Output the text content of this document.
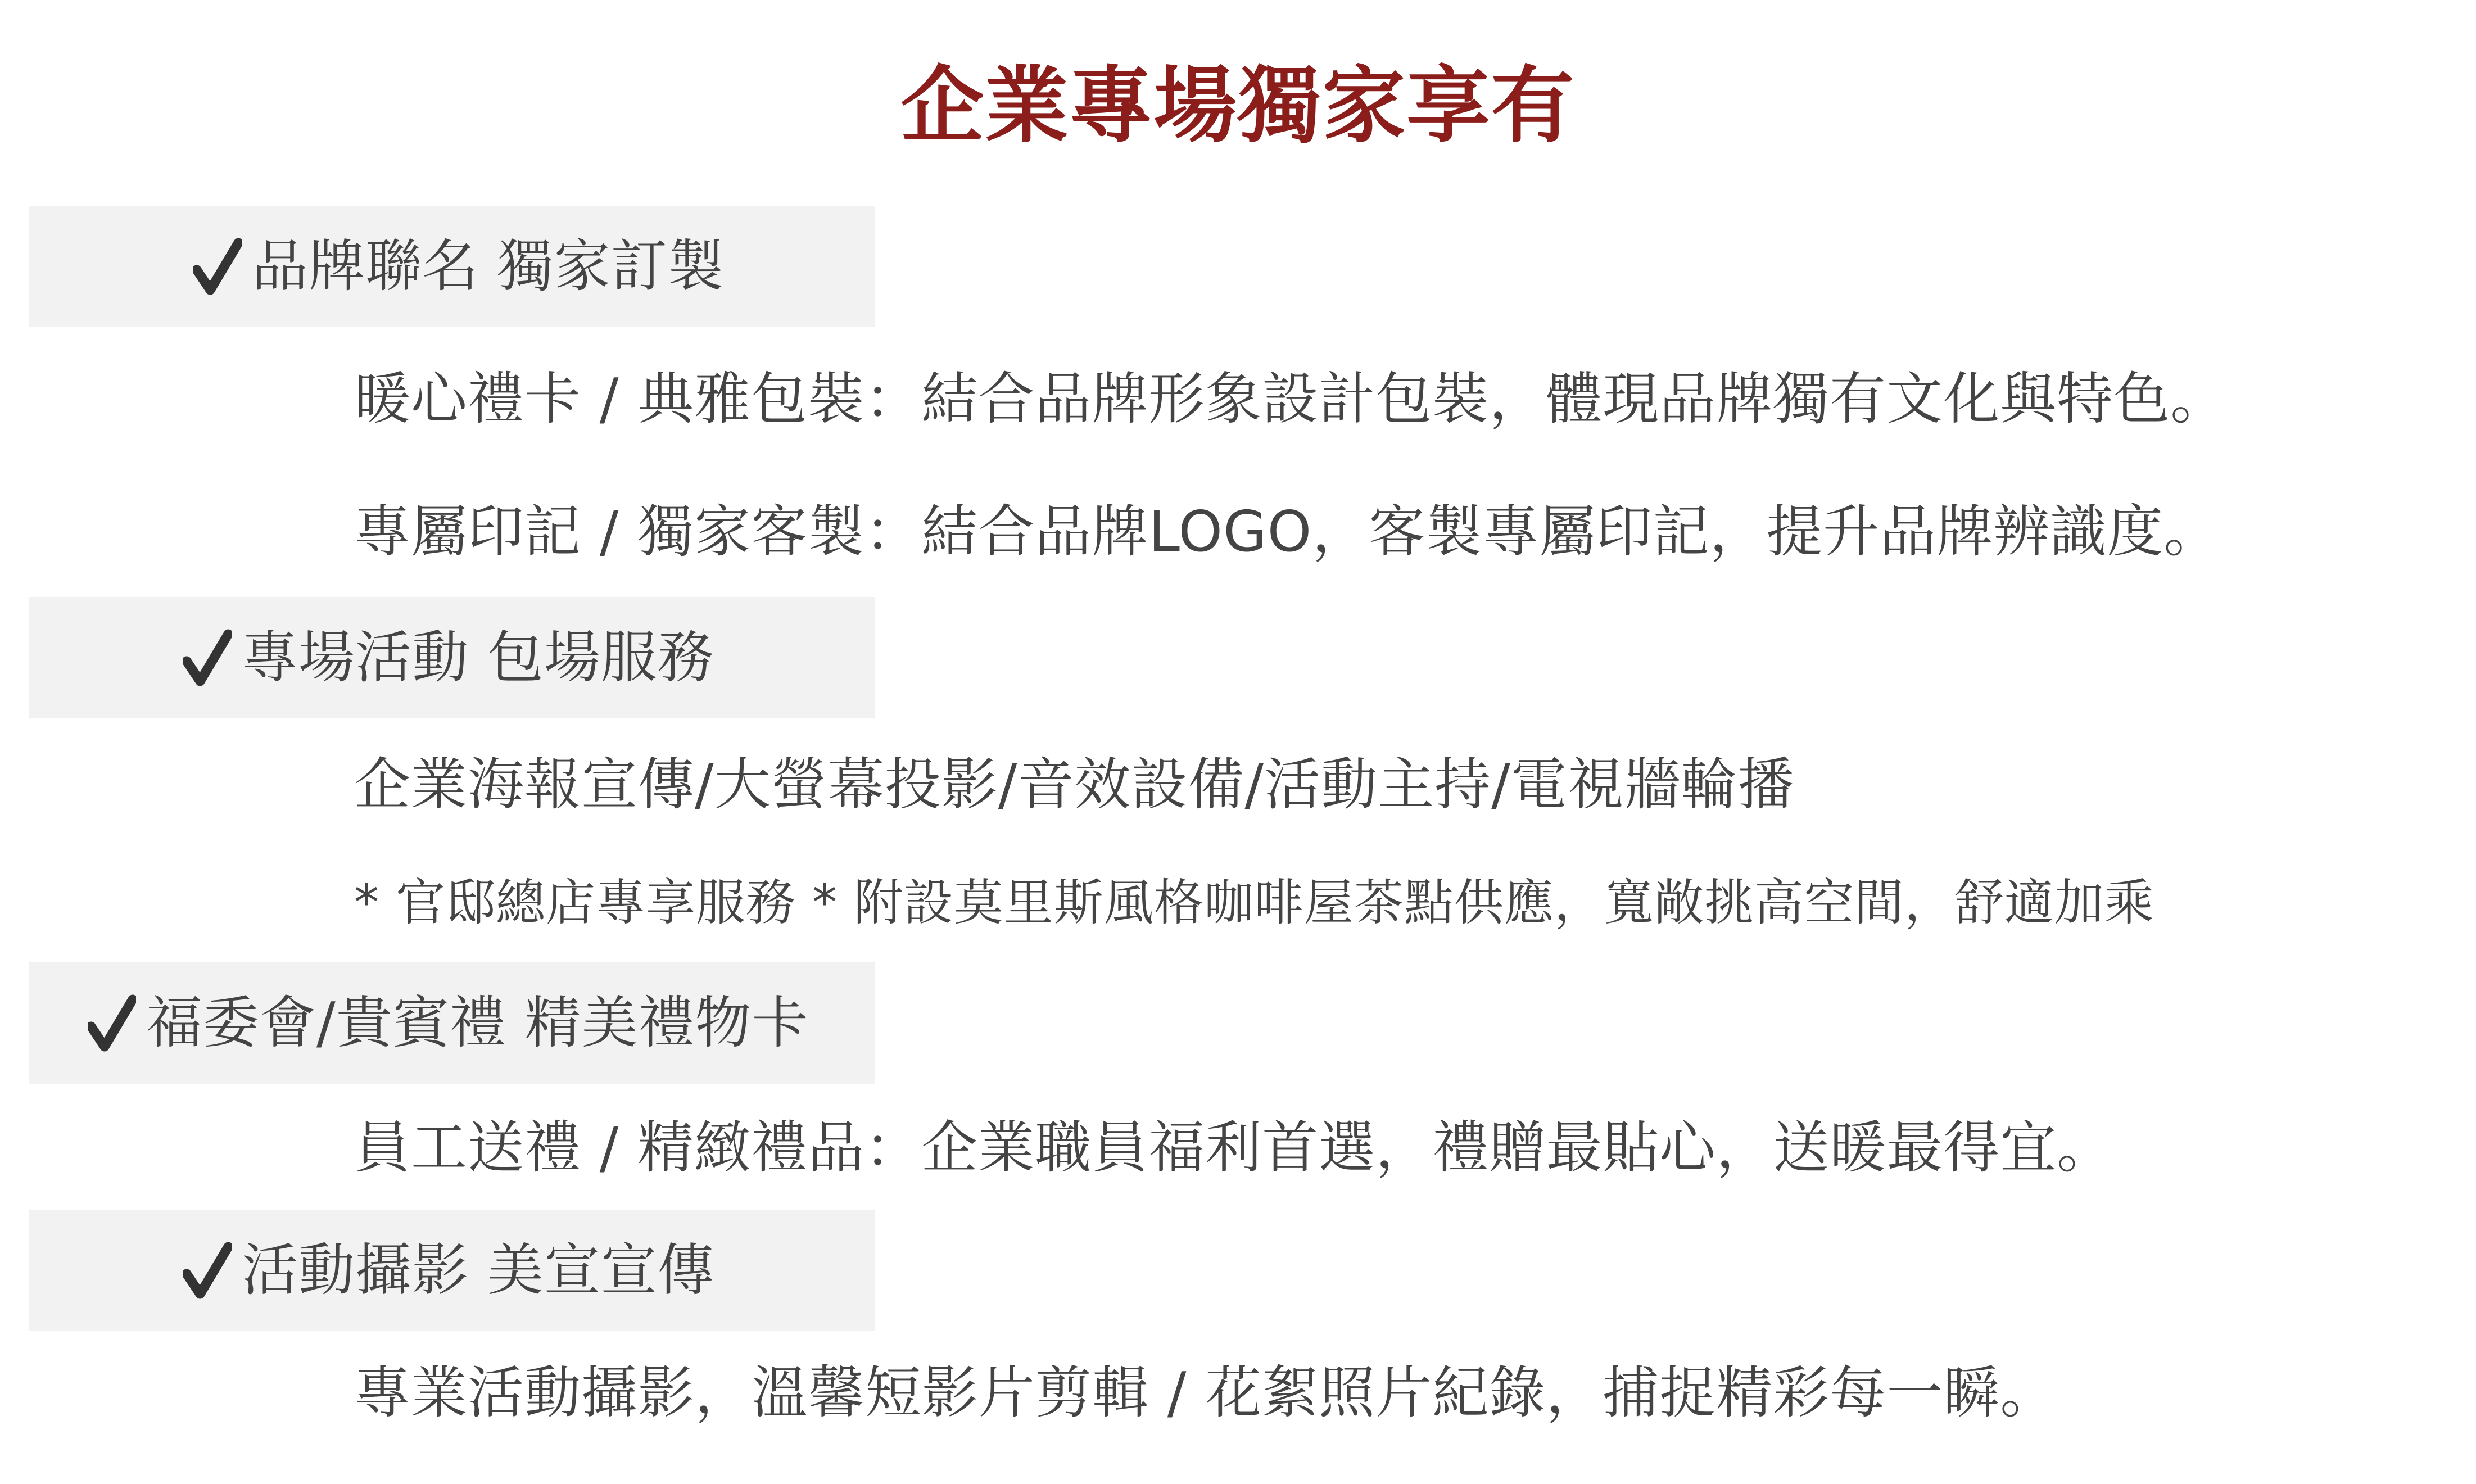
企業專場獨家享有
品牌聯名 獨家訂製
暖心禮卡 / 典雅包裝：結合品牌形象設計包裝，體現品牌獨有文化與特色。
專屬印記 / 獨家客製：結合品牌LOGO，客製專屬印記，提升品牌辨識度。
專場活動 包場服務
企業海報宣傳/大螢幕投影/音效設備/活動主持/電視牆輪播
* 官邸總店專享服務 * 附設莫里斯風格咖啡屋茶點供應，寬敞挑高空間，舒適加乘
福委會/貴賓禮 精美禮物卡
員工送禮 / 精緻禮品：企業職員福利首選，禮贈最貼心，送暖最得宜。
活動攝影 美宣宣傳
專業活動攝影，溫馨短影片剪輯 / 花絮照片紀錄，捕捉精彩每一瞬。
